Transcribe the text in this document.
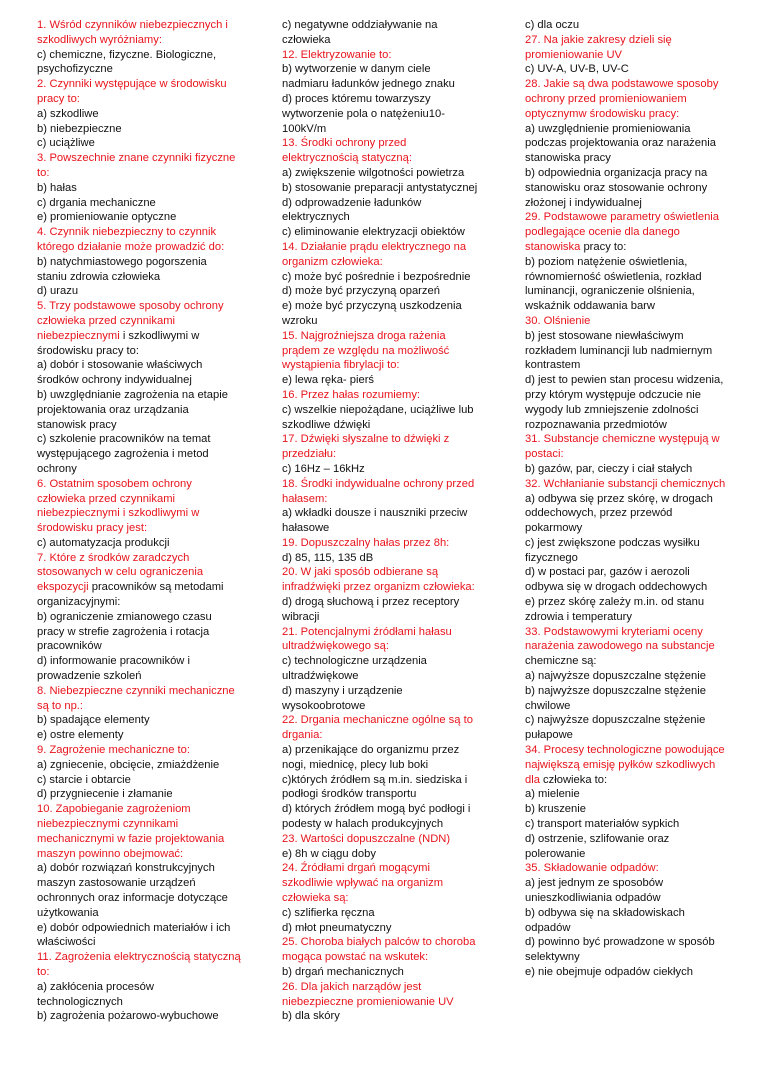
1. Wśród czynników niebezpiecznych i
szkodliwych wyróżniamy:
c) chemiczne, fizyczne. Biologiczne,
psychofizyczne
2. Czynniki występujące w środowisku
pracy to:
a) szkodliwe
b) niebezpieczne
c) uciążliwe
3. Powszechnie znane czynniki fizyczne
to:
b) hałas
c) drgania mechaniczne
e) promieniowanie optyczne
4. Czynnik niebezpieczny to czynnik
którego działanie może prowadzić do:
b) natychmiastowego pogorszenia
staniu zdrowia człowieka
d) urazu
5. Trzy podstawowe sposoby ochrony
człowieka przed czynnikami
niebezpiecznymi i szkodliwymi w
środowisku pracy to:
a) dobór i stosowanie właściwych
środków ochrony indywidualnej
b) uwzględnianie zagrożenia na etapie
projektowania oraz urządzania
stanowisk pracy
c) szkolenie pracowników na temat
występującego zagrożenia i metod
ochrony
6. Ostatnim sposobem ochrony
człowieka przed czynnikami
niebezpiecznymi i szkodliwymi w
środowisku pracy jest:
c) automatyzacja produkcji
7. Które z środków zaradczych
stosowanych w celu ograniczenia
ekspozycji pracowników są metodami
organizacyjnymi:
b) ograniczenie zmianowego czasu
pracy w strefie zagrożenia i rotacja
pracowników
d) informowanie pracowników i
prowadzenie szkoleń
8. Niebezpieczne czynniki mechaniczne
są to np.:
b) spadające elementy
e) ostre elementy
9. Zagrożenie mechaniczne to:
a) zgniecenie, obcięcie, zmiażdżenie
c) starcie i obtarcie
d) przygniecenie i złamanie
10. Zapobieganie zagrożeniom
niebezpiecznymi czynnikami
mechanicznymi w fazie projektowania
maszyn powinno obejmować:
a) dobór rozwiązań konstrukcyjnych
maszyn zastosowanie urządzeń
ochronnych oraz informacje dotyczące
użytkowania
e) dobór odpowiednich materiałów i ich
właściwości
11. Zagrożenia elektrycznością statyczną
to:
a) zakłócenia procesów
technologicznych
b) zagrożenia pożarowo-wybuchowe
c) negatywne oddziaływanie na
człowieka
12. Elektryzowanie to:
b) wytworzenie w danym ciele
nadmiaru ładunków jednego znaku
d) proces któremu towarzyszy
wytworzenie pola o natężeniu10-
100kV/m
13. Środki ochrony przed
elektrycznością statyczną:
a) zwiększenie wilgotności powietrza
b) stosowanie preparacji antystatycznej
d) odprowadzenie ładunków
elektrycznych
c) eliminowanie elektryzacji obiektów
14. Działanie prądu elektrycznego na
organizm człowieka:
c) może być pośrednie i bezpośrednie
d) może być przyczyną oparzeń
e) może być przyczyną uszkodzenia
wzroku
15. Najgroźniejsza droga rażenia
prądem ze względu na możliwość
wystąpienia fibrylacji to:
e) lewa ręka- pierś
16. Przez hałas rozumiemy:
c) wszelkie niepożądane, uciążliwe lub
szkodliwe dźwięki
17. Dźwięki słyszalne to dźwięki z
przedziału:
c) 16Hz – 16kHz
18. Środki indywidualne ochrony przed
hałasem:
a) wkładki dousze i nauszniki przeciw
hałasowe
19. Dopuszczalny hałas przez 8h:
d) 85, 115, 135 dB
20. W jaki sposób odbierane są
infradźwięki przez organizm człowieka:
d) drogą słuchową i przez receptory
wibracji
21. Potencjalnymi źródłami hałasu
ultradźwiękowego są:
c) technologiczne urządzenia
ultradźwiękowe
d) maszyny i urządzenie
wysokoobrotowe
22. Drgania mechaniczne ogólne są to
drgania:
a) przenikające do organizmu przez
nogi, miednicę, plecy lub boki
c)których źródłem są m.in. siedziska i
podłogi środków transportu
d) których źródłem mogą być podłogi i
podesty w halach produkcyjnych
23. Wartości dopuszczalne (NDN)
e) 8h w ciągu doby
24. Źródłami drgań mogącymi
szkodliwie wpływać na organizm
człowieka są:
c) szlifierka ręczna
d) młot pneumatyczny
25. Choroba białych palców to choroba
mogąca powstać na wskutek:
b) drgań mechanicznych
26. Dla jakich narządów jest
niebezpieczne promieniowanie UV
b) dla skóry
c) dla oczu
27. Na jakie zakresy dzieli się
promieniowanie UV
c) UV-A, UV-B, UV-C
28. Jakie są dwa podstawowe sposoby
ochrony przed promieniowaniem
optycznymw środowisku pracy:
a) uwzględnienie promieniowania
podczas projektowania oraz narażenia
stanowiska pracy
b) odpowiednia organizacja pracy na
stanowisku oraz stosowanie ochrony
złożonej i indywidualnej
29. Podstawowe parametry oświetlenia
podlegające ocenie dla danego
stanowiska pracy to:
b) poziom natężenie oświetlenia,
równomierność oświetlenia, rozkład
luminancji, ograniczenie olśnienia,
wskaźnik oddawania barw
30. Olśnienie
b) jest stosowane niewłaściwym
rozkładem luminancji lub nadmiernym
kontrastem
d) jest to pewien stan procesu widzenia,
przy którym występuje odczucie nie
wygody lub zmniejszenie zdolności
rozpoznawania przedmiotów
31. Substancje chemiczne występują w
postaci:
b) gazów, par, cieczy i ciał stałych
32. Wchłanianie substancji chemicznych
a) odbywa się przez skórę, w drogach
oddechowych, przez przewód
pokarmowy
c) jest zwiększone podczas wysiłku
fizycznego
d) w postaci par, gazów i aerozoli
odbywa się w drogach oddechowych
e) przez skórę zależy m.in. od stanu
zdrowia i temperatury
33. Podstawowymi kryteriami oceny
narażenia zawodowego na substancje
chemiczne są:
a) najwyższe dopuszczalne stężenie
b) najwyższe dopuszczalne stężenie
chwilowe
c) najwyższe dopuszczalne stężenie
pułapowe
34. Procesy technologiczne powodujące
największą emisję pyłków szkodliwych
dla człowieka to:
a) mielenie
b) kruszenie
c) transport materiałów sypkich
d) ostrzenie, szlifowanie oraz
polerowanie
35. Składowanie odpadów:
a) jest jednym ze sposobów
unieszkodliwiania odpadów
b) odbywa się na składowiskach
odpadów
d) powinno być prowadzone w sposób
selektywny
e) nie obejmuje odpadów ciekłych
